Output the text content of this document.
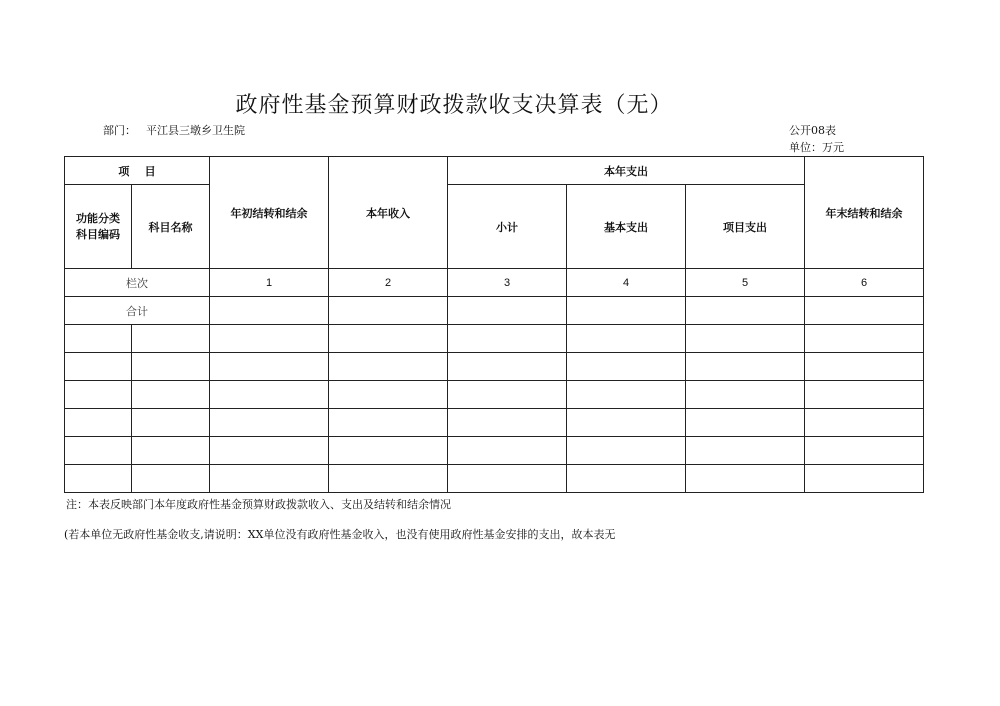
政府性基金预算财政拨款收支决算表（无）
部门： 平江县三墩乡卫生院	公开08表
单位：万元
项    目		年初结转和结余	本年收入	本年支出			年末结转和结余

功能分类科目编码	科目名称			小计	基本支出	项目支出	
栏次		1	2	3	4	5	6
合计							

注：本表反映部门本年度政府性基金预算财政拨款收入、支出及结转和结余情况
(若本单位无政府性基金收支,请说明：XX单位没有政府性基金收入，也没有使用政府性基金安排的支出，故本表无
